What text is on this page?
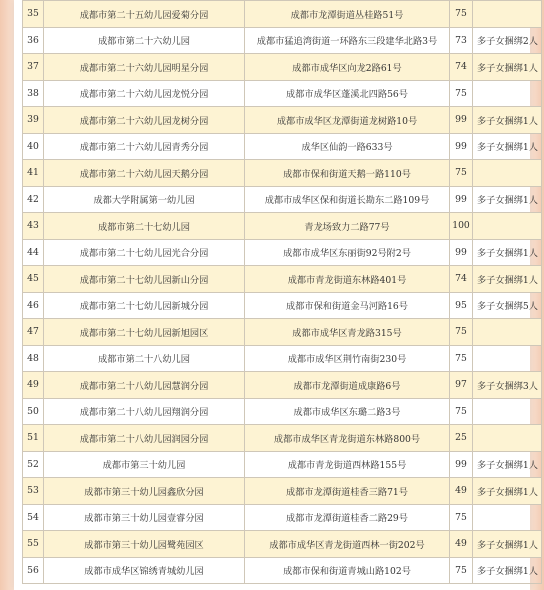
35	成都市第二十五幼儿园爱菊分园	成都市龙潭街道丛桂路51号	75	
36	成都市第二十六幼儿园	成都市猛追湾街道一环路东三段建华北路3号	73	多子女捆绑2人
37	成都市第二十六幼儿园明星分园	成都市成华区向龙2路61号	74	多子女捆绑1人
38	成都市第二十六幼儿园龙悦分园	成都市成华区蓬溪北四路56号	75	
39	成都市第二十六幼儿园龙树分园	成都市成华区龙潭街道龙树路10号	99	多子女捆绑1人
40	成都市第二十六幼儿园青秀分园	成华区仙韵一路633号	99	多子女捆绑1人
41	成都市第二十六幼儿园天鹅分园	成都市保和街道天鹅一路110号	75	
42	成都大学附属第一幼儿园	成都市成华区保和街道长勘东二路109号	99	多子女捆绑1人
43	成都市第二十七幼儿园	青龙场致力二路77号	100	
44	成都市第二十七幼儿园光合分园	成都市成华区东丽街92号附2号	99	多子女捆绑1人
45	成都市第二十七幼儿园新山分园	成都市青龙街道东林路401号	74	多子女捆绑1人
46	成都市第二十七幼儿园新城分园	成都市保和街道金马河路16号	95	多子女捆绑5人
47	成都市第二十七幼儿园新旭园区	成都市成华区青龙路315号	75	
48	成都市第二十八幼儿园	成都市成华区荆竹南街230号	75	
49	成都市第二十八幼儿园慧润分园	成都市龙潭街道成康路6号	97	多子女捆绑3人
50	成都市第二十八幼儿园翔润分园	成都市成华区东璐二路3号	75	
51	成都市第二十八幼儿园润园分园	成都市成华区青龙街道东林路800号	25	
52	成都市第三十幼儿园	成都市青龙街道西林路155号	99	多子女捆绑1人
53	成都市第三十幼儿园鑫欣分园	成都市龙潭街道桂香三路71号	49	多子女捆绑1人
54	成都市第三十幼儿园壹睿分园	成都市龙潭街道桂香二路29号	75	
55	成都市第三十幼儿园鹭苑园区	成都市成华区青龙街道西林一街202号	49	多子女捆绑1人
56	成都市成华区锦绣青城幼儿园	成都市保和街道青城山路102号	75	多子女捆绑1人
